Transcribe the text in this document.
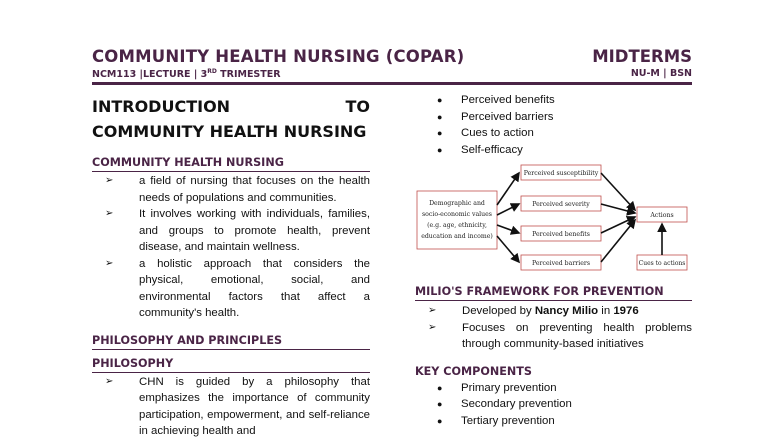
COMMUNITY HEALTH NURSING (COPAR)	MIDTERMS
NCM113 |LECTURE | 3RD TRIMESTER	NU-M | BSN
INTRODUCTION	TO
COMMUNITY HEALTH NURSING
COMMUNITY HEALTH NURSING
➢ a field of nursing that focuses on the health needs of populations and communities.
➢ It involves working with individuals, families, and groups to promote health, prevent disease, and maintain wellness.
➢ a holistic approach that considers the physical, emotional, social, and environmental factors that affect a community's health.
PHILOSOPHY AND PRINCIPLES
PHILOSOPHY
➢ CHN is guided by a philosophy that emphasizes the importance of community participation, empowerment, and self-reliance in achieving health and
● Perceived benefits
● Perceived barriers
● Cues to action
● Self-efficacy
Demographic and
socio-economic values
(e.g. age, ethnicity,
education and income)
Perceived susceptibility
Perceived severity
Perceived benefits
Perceived barriers
Actions
Cues to actions
MILIO'S FRAMEWORK FOR PREVENTION
➢ Developed by Nancy Milio in 1976
➢ Focuses on preventing health problems through community-based initiatives
KEY COMPONENTS
● Primary prevention
● Secondary prevention
● Tertiary prevention
